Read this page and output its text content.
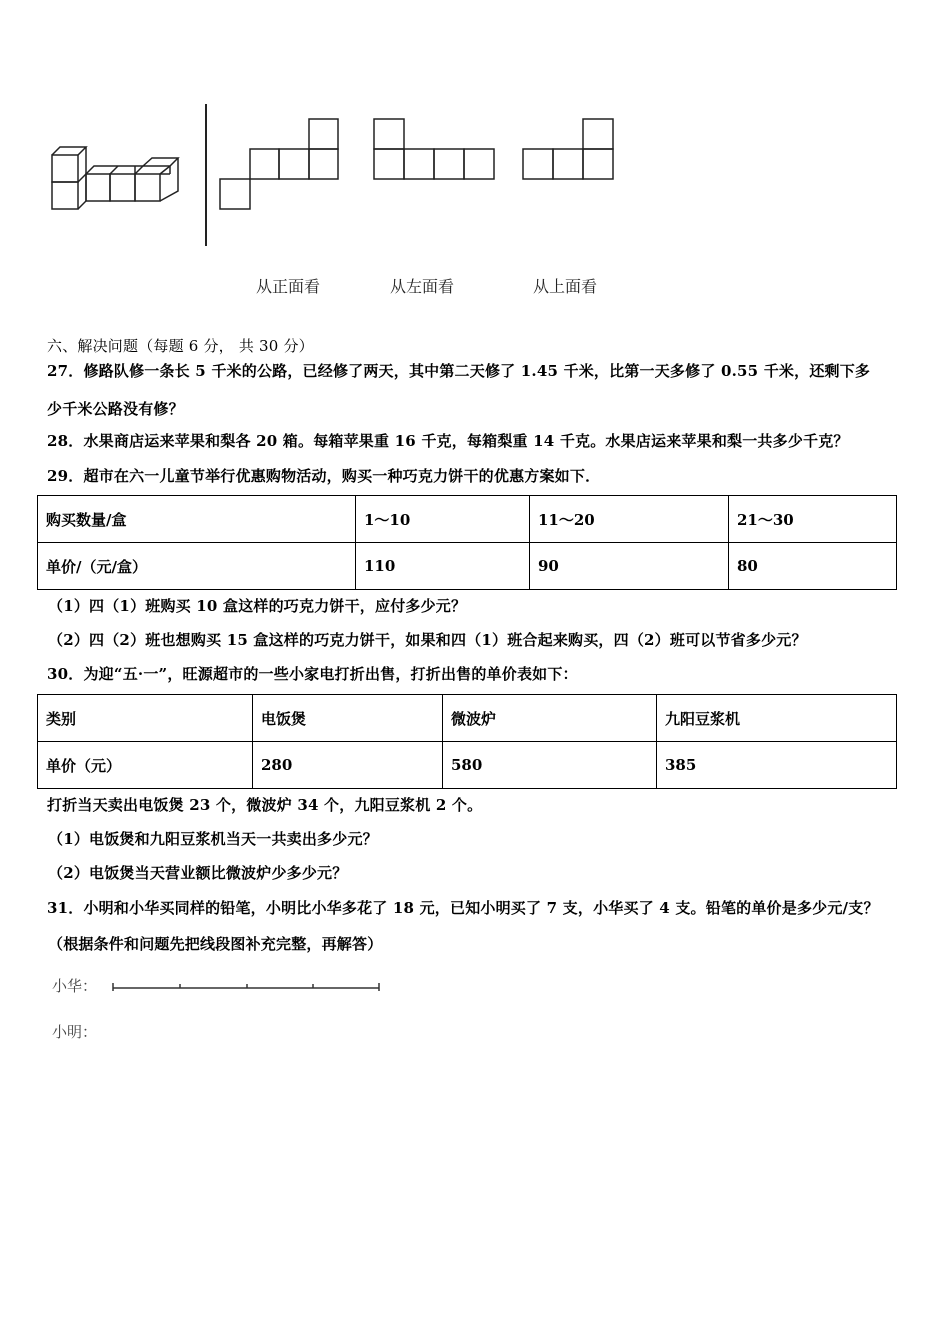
从正面看	从左面看	从上面看
六、解决问题（每题 6 分， 共 30 分）
27．修路队修一条长 5 千米的公路，已经修了两天，其中第二天修了 1.45 千米，比第一天多修了 0.55 千米，还剩下多
少千米公路没有修？
28．水果商店运来苹果和梨各 20 箱。每箱苹果重 16 千克，每箱梨重 14 千克。水果店运来苹果和梨一共多少千克？
29．超市在六一儿童节举行优惠购物活动，购买一种巧克力饼干的优惠方案如下．
购买数量/盒	1～10	11～20	21～30
单价/（元/盒）	110	90	80
（1）四（1）班购买 10 盒这样的巧克力饼干，应付多少元？
（2）四（2）班也想购买 15 盒这样的巧克力饼干，如果和四（1）班合起来购买，四（2）班可以节省多少元？
30．为迎“五·一”，旺源超市的一些小家电打折出售，打折出售的单价表如下：
类别	电饭煲	微波炉	九阳豆浆机
单价（元）	280	580	385
打折当天卖出电饭煲 23 个，微波炉 34 个，九阳豆浆机 2 个。
（1）电饭煲和九阳豆浆机当天一共卖出多少元？
（2）电饭煲当天营业额比微波炉少多少元？
31．小明和小华买同样的铅笔，小明比小华多花了 18 元，已知小明买了 7 支，小华买了 4 支。铅笔的单价是多少元/支？
（根据条件和问题先把线段图补充完整，再解答）
小华：
小明：
